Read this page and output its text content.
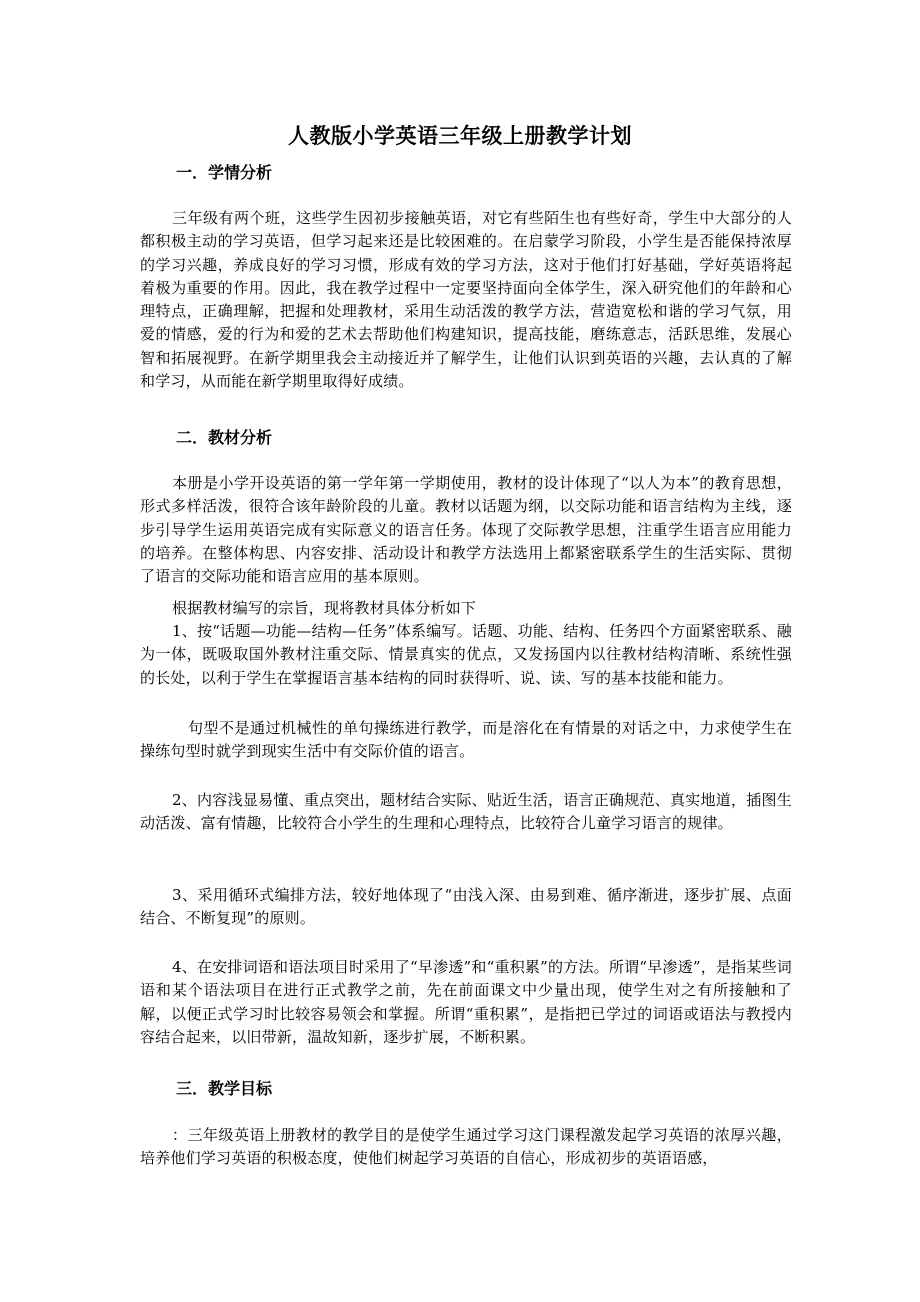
人教版小学英语三年级上册教学计划
一．学情分析
三年级有两个班，这些学生因初步接触英语，对它有些陌生也有些好奇，学生中大部分的人都积极主动的学习英语，但学习起来还是比较困难的。在启蒙学习阶段，小学生是否能保持浓厚的学习兴趣，养成良好的学习习惯，形成有效的学习方法，这对于他们打好基础，学好英语将起着极为重要的作用。因此，我在教学过程中一定要坚持面向全体学生，深入研究他们的年龄和心理特点，正确理解，把握和处理教材，采用生动活泼的教学方法，营造宽松和谐的学习气氛，用爱的情感，爱的行为和爱的艺术去帮助他们构建知识，提高技能，磨练意志，活跃思维，发展心智和拓展视野。在新学期里我会主动接近并了解学生，让他们认识到英语的兴趣，去认真的了解和学习，从而能在新学期里取得好成绩。
二．教材分析
本册是小学开设英语的第一学年第一学期使用，教材的设计体现了“以人为本”的教育思想，形式多样活泼，很符合该年龄阶段的儿童。教材以话题为纲，以交际功能和语言结构为主线，逐步引导学生运用英语完成有实际意义的语言任务。体现了交际教学思想，注重学生语言应用能力的培养。在整体构思、内容安排、活动设计和教学方法选用上都紧密联系学生的生活实际、贯彻了语言的交际功能和语言应用的基本原则。
根据教材编写的宗旨，现将教材具体分析如下
1、按“话题—功能—结构—任务”体系编写。话题、功能、结构、任务四个方面紧密联系、融为一体，既吸取国外教材注重交际、情景真实的优点，又发扬国内以往教材结构清晰、系统性强的长处，以利于学生在掌握语言基本结构的同时获得听、说、读、写的基本技能和能力。
句型不是通过机械性的单句操练进行教学，而是溶化在有情景的对话之中，力求使学生在操练句型时就学到现实生活中有交际价值的语言。
2、内容浅显易懂、重点突出，题材结合实际、贴近生活，语言正确规范、真实地道，插图生动活泼、富有情趣，比较符合小学生的生理和心理特点，比较符合儿童学习语言的规律。
3、采用循环式编排方法，较好地体现了“由浅入深、由易到难、循序渐进，逐步扩展、点面结合、不断复现”的原则。
4、在安排词语和语法项目时采用了“早渗透”和“重积累”的方法。所谓“早渗透”，是指某些词语和某个语法项目在进行正式教学之前，先在前面课文中少量出现，使学生对之有所接触和了解，以便正式学习时比较容易领会和掌握。所谓“重积累”，是指把已学过的词语或语法与教授内容结合起来，以旧带新，温故知新，逐步扩展，不断积累。
三．教学目标
：三年级英语上册教材的教学目的是使学生通过学习这门课程激发起学习英语的浓厚兴趣，培养他们学习英语的积极态度，使他们树起学习英语的自信心，形成初步的英语语感，
